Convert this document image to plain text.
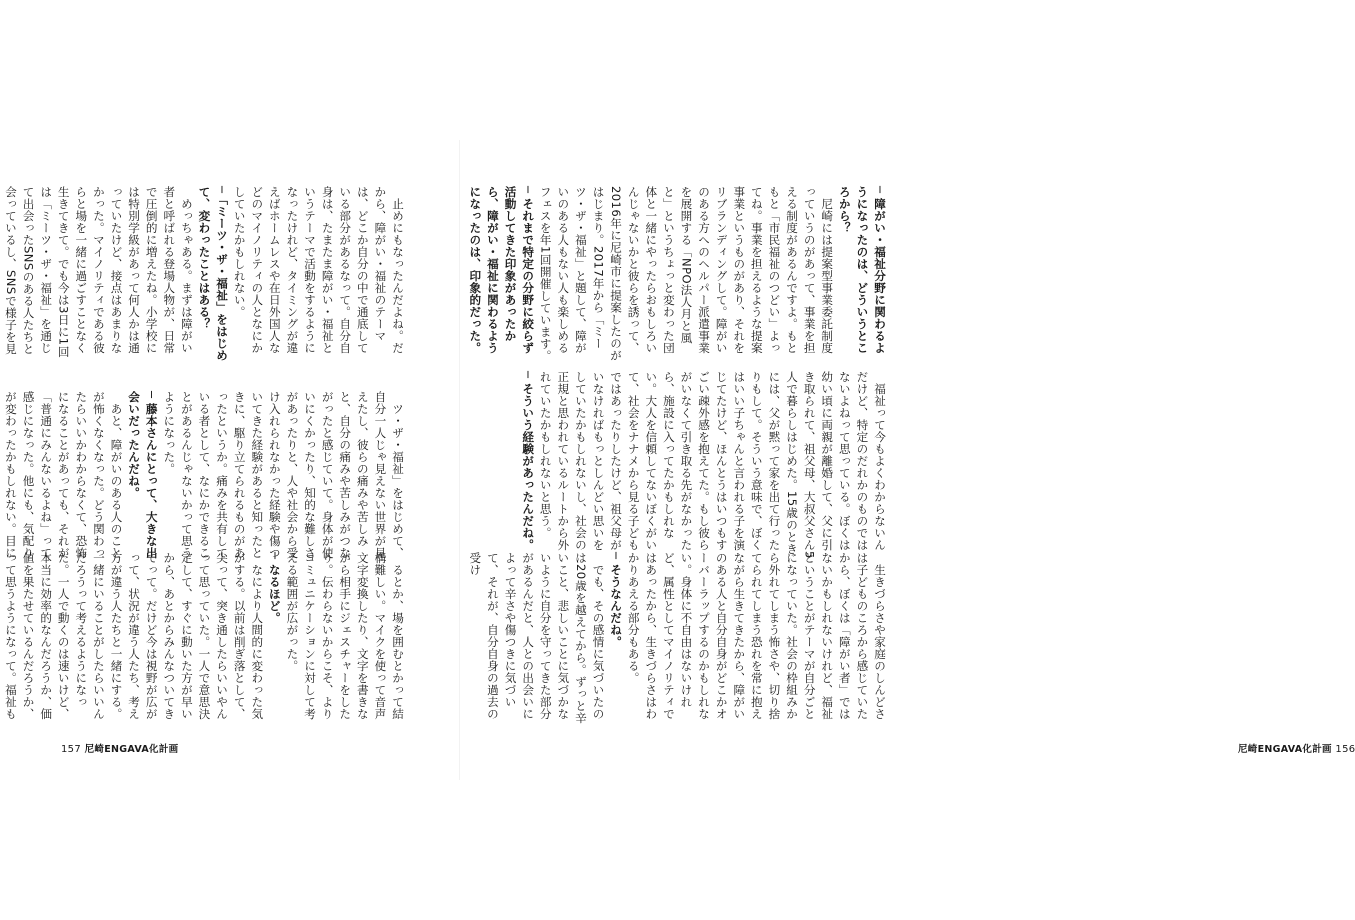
止めにもなったんだよね。だから、障がい・福祉のテーマは、どこか自分の中で通底している部分があるなって。自分自身は、たまたま障がい・福祉というテーマで活動をするようになったけれど、タイミングが違えばホームレスや在日外国人などのマイノリティの人となにかしていたかもしれない。

─「ミーツ・ザ・福祉」をはじめて、変わったことはある？

めっちゃある。まずは障がい者と呼ばれる登場人物が、日常で圧倒的に増えたね。小学校には特別学級があって何人かは通っていたけど、接点はあまりなかった。マイノリティである彼らと場を一緒に過ごすことなく生きてきて。でも今は3日に1回は「ミーツ・ザ・福祉」を通じて出会ったSNSのある人たちと会っているし、SNSで様子を見

ツ・ザ・福祉」をはじめて、自分一人じゃ見えない世界が見えたし、彼らの痛みや苦しみと、自分の痛みや苦しみがつながったと感じていて。身体が使いにくかったり、知的な難しさがあったりと、人や社会から受け入れられなかった経験や傷ついてきた経験があると知ったときに、駆り立てられるものがあったというか。痛みを共有している者として、なにかできることがあるんじゃないかって思うようになった。

─ 藤本さんにとって、大きな出会いだったんだね。

あと、障がいのある人のことが怖くなくなった。どう関わったらいいかわからなくて、恐怖になることがあっても、それが「普通にみんないるよね」って感じになった。他にも、気配りが変わったかもしれない。目に

るとか、場を囲むとかって結構難しい。マイクを使って音声文字変換したり、文字を書きながら相手にジェスチャーをしたり。伝わらないからこそ、よりコミュニケーションに対して考える範囲が広がった。

─ なるほど。

なにより人間的に変わった気がする。以前は削ぎ落として、尖って、突き通したらいいやんって思っていた。一人で意思決定して、すぐに動いた方が早いから、あとからみんなついてきてって。だけど今は視野が広がって、状況が違う人たち、考え方が違う人たちと一緒にする。一緒にいることがしたらいいんだろうって考えるようになった。一人で動くのは速いけど、本当に効率的なんだろうか、価値を果たせているんだろうか、って思うようになって。福祉も

157 尼崎ENGAVA化計画

─ 障がい・福祉分野に関わるようになったのは、どういうところから？

尼崎には提案型事業委託制度っていうのがあって、事業を担える制度があるんですよ。もともと「市民福祉のつどい」よってね。事業を担えるような提案事業というものがあり、それをリブランディングして。障がいのある方へのヘルパー派遣事業を展開する「NPO法人月と風と」というちょっと変わった団体と一緒にやったらおもしろいんじゃないかと彼らを誘って、2016年に尼崎市に提案したのがはじまり。2017年から「ミーツ・ザ・福祉」と題して、障がいのある人もない人も楽しめるフェスを年1回開催しています。

─ それまで特定の分野に絞らず活動してきた印象があったから、障がい・福祉に関わるようになったのは、印象的だった。

福祉って今もよくわからないんだけど、特定のだれかのものではないよねって思っている。ぼくは幼い頃に両親が離婚して、父に引き取られて、祖父母、大叔父さん5人で暮らしはじめた。15歳のときには、父が黙って家を出て行ったりもして。そういう意味で、ぼくはいい子ちゃんと言われる子を演じてたけど、ほんとうはいつもすごい疎外感を抱えてた。もし彼らがいなくて引き取る先がなかったら、施設に入ってたかもしれない。大人を信頼してないぼくがいて、社会をナナメから見る子どもではあったりしたけど、祖父母がいなければもっとしんどい思いをしていたかもしれないし、社会の正規と思われているルートから外れていたかもしれないと思う。

─ そういう経験があったんだね。

生きづらさや家庭のしんどさは子どものころから感じていたから、ぼくは「障がい者」ではないかもしれないけれど、福祉ということがテーマが自分ごとになっていた。社会の枠組みから外れてしまう怖さや、切り捨てられてしまう恐れを常に抱えながら生きてきたから、障がいのある人と自分自身がどこかオーバーラップするのかもしれない。身体に不自由はないけれど、属性としてマイノリティではあったから、生きづらさはわかりあえる部分もある。

─ そうなんだね。

でも、その感情に気づいたのは20歳を越えてから。ずっと辛いこと、悲しいことに気づかないように自分を守ってきた部分があるんだと、人との出会いによって辛さや傷つきに気づいて、それが、自分自身の過去の受け

尼崎ENGAVA化計画 156
